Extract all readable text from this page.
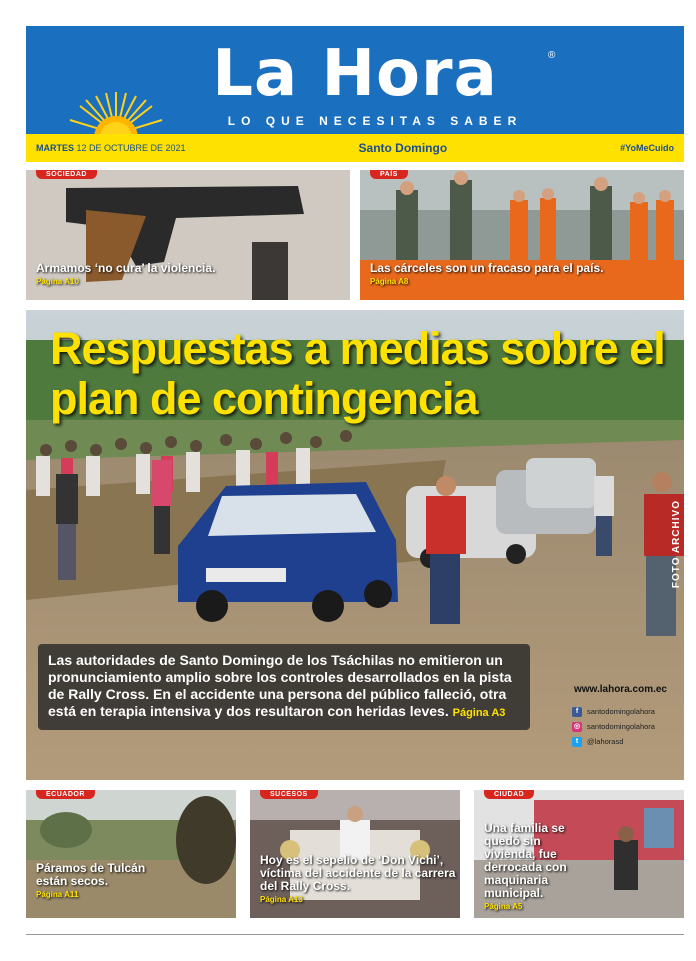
La Hora	®
LO QUE NECESITAS SABER
MARTES 12 DE OCTUBRE DE 2021	Santo Domingo	#YoMeCuido
SOCIEDAD
Armamos ‘no cura’ la violencia.
Página A10
PAÍS
Las cárceles son un fracaso para el país.
Página A8
Respuestas a medias sobre el plan de contingencia
FOTO ARCHIVO
Las autoridades de Santo Domingo de los Tsáchilas no emitieron un pronunciamiento amplio sobre los controles desarrollados en la pista de Rally Cross. En el accidente una persona del público falleció, otra está en terapia intensiva y dos resultaron con heridas leves. Página A3
www.lahora.com.ec
f	santodomingolahora
◎ santodomingolahora
t	@lahorasd
ECUADOR
Páramos de Tulcán están secos.
Página A11
SUCESOS
Hoy es el sepelio de ‘Don Vichi’, víctima del accidente de la carrera del Rally Cross.
Página A13
CIUDAD
Una familia se quedó sin vivienda, fue derrocada con maquinaria municipal.
Página A5
